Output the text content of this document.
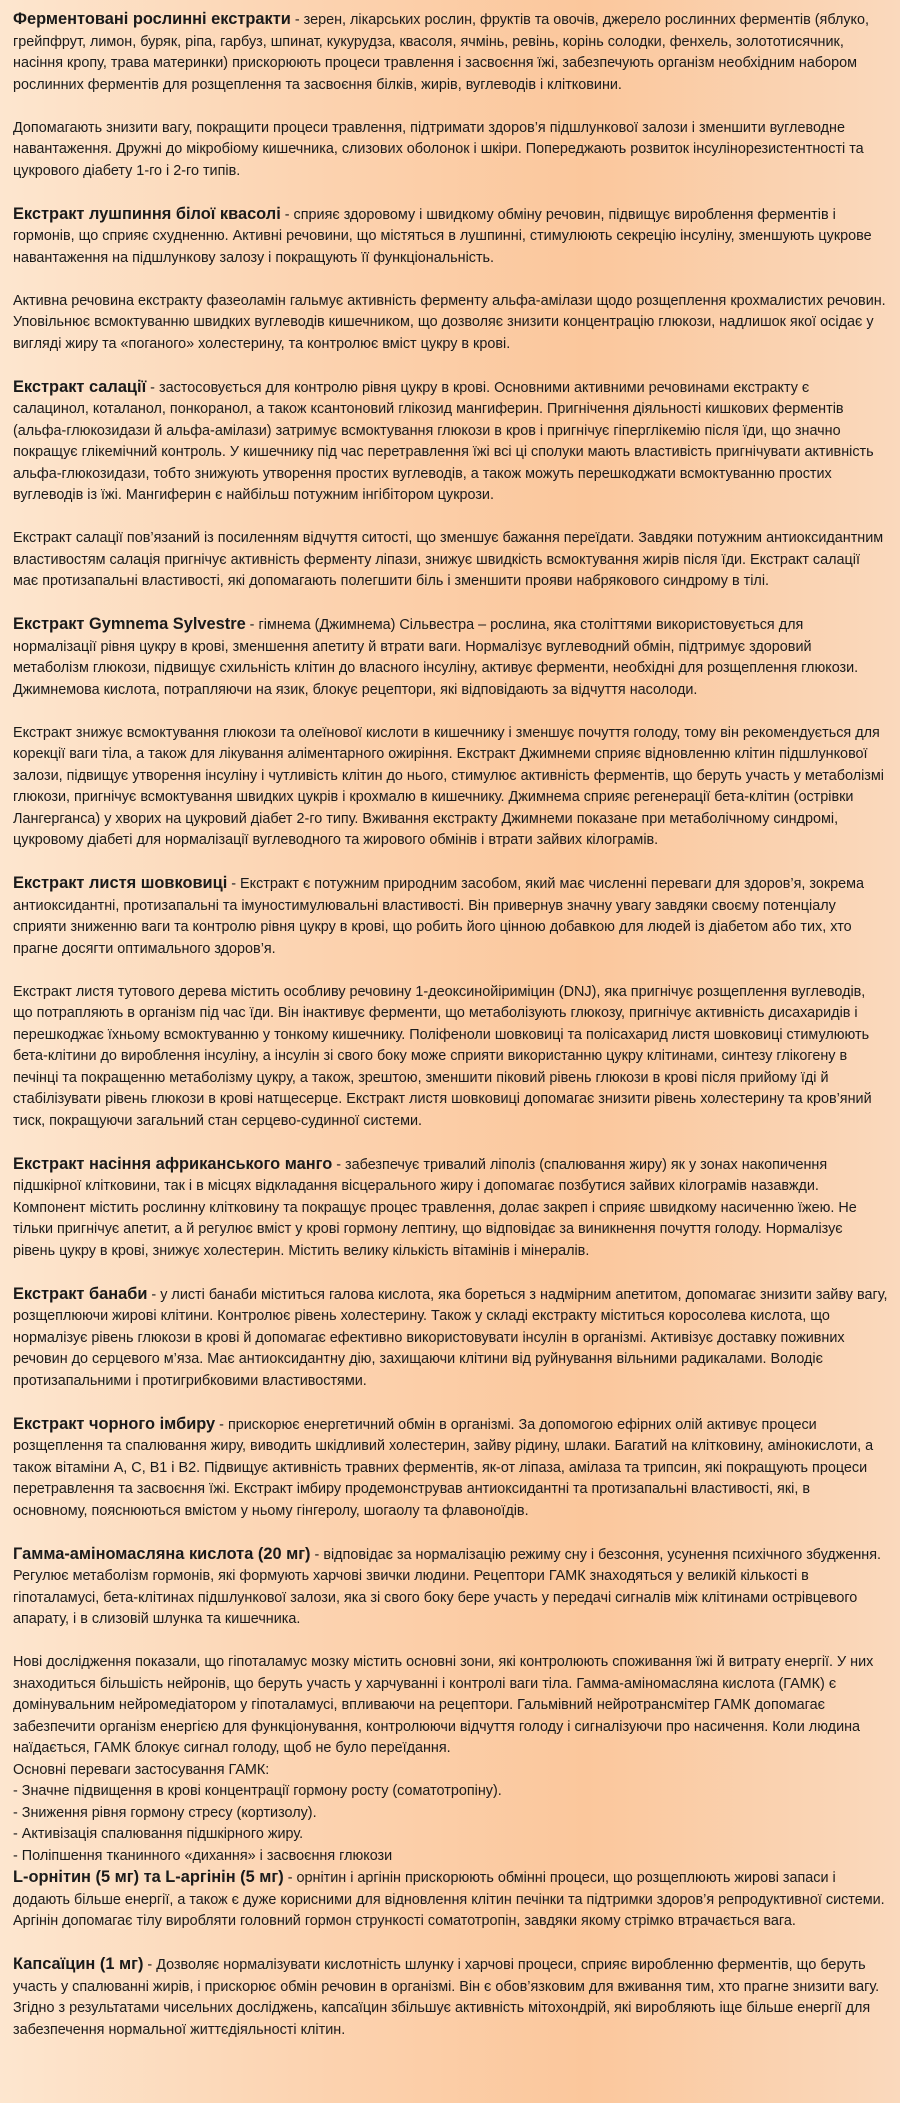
Ферментовані рослинні екстракти - зерен, лікарських рослин, фруктів та овочів, джерело рослинних ферментів (яблуко, грейпфрут, лимон, буряк, ріпа, гарбуз, шпинат, кукурудза, квасоля, ячмінь, ревінь, корінь солодки, фенхель, золототисячник, насіння кропу, трава материнки) прискорюють процеси травлення і засвоєння їжі, забезпечують організм необхідним набором рослинних ферментів для розщеплення та засвоєння білків, жирів, вуглеводів і клітковини.

Допомагають знизити вагу, покращити процеси травлення, підтримати здоров’я підшлункової залози і зменшити вуглеводне навантаження. Дружні до мікробіому кишечника, слизових оболонок і шкіри. Попереджають розвиток інсулінорезистентності та цукрового діабету 1-го і 2-го типів.

Екстракт лушпиння білої квасолі - сприяє здоровому і швидкому обміну речовин, підвищує вироблення ферментів і гормонів, що сприяє схудненню. Активні речовини, що містяться в лушпинні, стимулюють секрецію інсуліну, зменшують цукрове навантаження на підшлункову залозу і покращують її функціональність.

Активна речовина екстракту фазеоламін гальмує активність ферменту альфа-амілази щодо розщеплення крохмалистих речовин. Уповільнює всмоктуванню швидких вуглеводів кишечником, що дозволяє знизити концентрацію глюкози, надлишок якої осідає у вигляді жиру та «поганого» холестерину, та контролює вміст цукру в крові.

Екстракт салації - застосовується для контролю рівня цукру в крові. Основними активними речовинами екстракту є салацинол, коталанол, понкоранол, а також ксантоновий глікозид мангиферин. Пригнічення діяльності кишкових ферментів (альфа-глюкозидази й альфа-амілази) затримує всмоктування глюкози в кров і пригнічує гіперглікемію після їди, що значно покращує глікемічний контроль. У кишечнику під час перетравлення їжі всі ці сполуки мають властивість пригнічувати активність альфа-глюкозидази, тобто знижують утворення простих вуглеводів, а також можуть перешкоджати всмоктуванню простих вуглеводів із їжі. Мангиферин є найбільш потужним інгібітором цукрози.

Екстракт салації пов’язаний із посиленням відчуття ситості, що зменшує бажання переїдати. Завдяки потужним антиоксидантним властивостям салація пригнічує активність ферменту ліпази, знижує швидкість всмоктування жирів після їди. Екстракт салації має протизапальні властивості, які допомагають полегшити біль і зменшити прояви набрякового синдрому в тілі.

Екстракт Gymnema Sylvestre - гімнема (Джимнема) Сільвестра – рослина, яка століттями використовується для нормалізації рівня цукру в крові, зменшення апетиту й втрати ваги. Нормалізує вуглеводний обмін, підтримує здоровий метаболізм глюкози, підвищує схильність клітин до власного інсуліну, активує ферменти, необхідні для розщеплення глюкози. Джимнемова кислота, потрапляючи на язик, блокує рецептори, які відповідають за відчуття насолоди.

Екстракт знижує всмоктування глюкози та олеїнової кислоти в кишечнику і зменшує почуття голоду, тому він рекомендується для корекції ваги тіла, а також для лікування аліментарного ожиріння. Екстракт Джимнеми сприяє відновленню клітин підшлункової залози, підвищує утворення інсуліну і чутливість клітин до нього, стимулює активність ферментів, що беруть участь у метаболізмі глюкози, пригнічує всмоктування швидких цукрів і крохмалю в кишечнику. Джимнема сприяє регенерації бета-клітин (острівки Лангерганса) у хворих на цукровий діабет 2-го типу. Вживання екстракту Джимнеми показане при метаболічному синдромі, цукровому діабеті для нормалізації вуглеводного та жирового обмінів і втрати зайвих кілограмів.

Екстракт листя шовковиці - Екстракт є потужним природним засобом, який має численні переваги для здоров’я, зокрема антиоксидантні, протизапальні та імуностимулювальні властивості. Він привернув значну увагу завдяки своєму потенціалу сприяти зниженню ваги та контролю рівня цукру в крові, що робить його цінною добавкою для людей із діабетом або тих, хто прагне досягти оптимального здоров’я.

Екстракт листя тутового дерева містить особливу речовину 1-деоксинойіриміцин (DNJ), яка пригнічує розщеплення вуглеводів, що потрапляють в організм під час їди. Він інактивує ферменти, що метаболізують глюкозу, пригнічує активність дисахаридів і перешкоджає їхньому всмоктуванню у тонкому кишечнику. Поліфеноли шовковиці та полісахарид листя шовковиці стимулюють бета-клітини до вироблення інсуліну, а інсулін зі свого боку може сприяти використанню цукру клітинами, синтезу глікогену в печінці та покращенню метаболізму цукру, а також, зрештою, зменшити піковий рівень глюкози в крові після прийому їді й стабілізувати рівень глюкози в крові натщесерце. Екстракт листя шовковиці допомагає знизити рівень холестерину та кров’яний тиск, покращуючи загальний стан серцево-судинної системи.

Екстракт насіння африканського манго - забезпечує тривалий ліполіз (спалювання жиру) як у зонах накопичення підшкірної клітковини, так і в місцях відкладання вісцерального жиру і допомагає позбутися зайвих кілограмів назавжди. Компонент містить рослинну клітковину та покращує процес травлення, долає закреп і сприяє швидкому насиченню їжею. Не тільки пригнічує апетит, а й регулює вміст у крові гормону лептину, що відповідає за виникнення почуття голоду. Нормалізує рівень цукру в крові, знижує холестерин. Містить велику кількість вітамінів і мінералів.
Екстракт банаби - у листі банаби міститься галова кислота, яка бореться з надмірним апетитом, допомагає знизити зайву вагу, розщеплюючи жирові клітини. Контролює рівень холестерину. Також у складі екстракту міститься коросолева кислота, що нормалізує рівень глюкози в крові й допомагає ефективно використовувати інсулін в організмі. Активізує доставку поживних речовин до серцевого м’яза. Має антиоксидантну дію, захищаючи клітини від руйнування вільними радикалами. Володіє протизапальними і протигрибковими властивостями.
Екстракт чорного імбиру - прискорює енергетичний обмін в організмі. За допомогою ефірних олій активує процеси розщеплення та спалювання жиру, виводить шкідливий холестерин, зайву рідину, шлаки. Багатий на клітковину, амінокислоти, а також вітаміни А, С, В1 і В2. Підвищує активність травних ферментів, як-от ліпаза, амілаза та трипсин, які покращують процеси перетравлення та засвоєння їжі. Екстракт імбиру продемонстрував антиоксидантні та протизапальні властивості, які, в основному, пояснюються вмістом у ньому гінгеролу, шогаолу та флавоноїдів.
Гамма-аміномасляна кислота (20 мг) - відповідає за нормалізацію режиму сну і безсоння, усунення психічного збудження. Регулює метаболізм гормонів, які формують харчові звички людини. Рецептори ГАМК знаходяться у великій кількості в гіпоталамусі, бета-клітинах підшлункової залози, яка зі свого боку бере участь у передачі сигналів між клітинами острівцевого апарату, і в слизовій шлунка та кишечника.

Нові дослідження показали, що гіпоталамус мозку містить основні зони, які контролюють споживання їжі й витрату енергії. У них знаходиться більшість нейронів, що беруть участь у харчуванні і контролі ваги тіла. Гамма-аміномасляна кислота (ГАМК) є домінувальним нейромедіатором у гіпоталамусі, впливаючи на рецептори. Гальмівний нейротрансмітер ГАМК допомагає забезпечити організм енергією для функціонування, контролюючи відчуття голоду і сигналізуючи про насичення. Коли людина наїдається, ГАМК блокує сигнал голоду, щоб не було переїдання.

Основні переваги застосування ГАМК:

- Значне підвищення в крові концентрації гормону росту (соматотропіну).
- Зниження рівня гормону стресу (кортизолу).
- Активізація спалювання підшкірного жиру.
- Поліпшення тканинного «дихання» і засвоєння глюкози
L-орнітин (5 мг) та L-аргінін (5 мг) - орнітин і аргінін прискорюють обмінні процеси, що розщеплюють жирові запаси і додають більше енергії, а також є дуже корисними для відновлення клітин печінки та підтримки здоров’я репродуктивної системи. Аргінін допомагає тілу виробляти головний гормон стрункості соматотропін, завдяки якому стрімко втрачається вага.
Капсаїцин (1 мг) - Дозволяє нормалізувати кислотність шлунку і харчові процеси, сприяє виробленню ферментів, що беруть участь у спалюванні жирів, і прискорює обмін речовин в організмі. Він є обов’язковим для вживання тим, хто прагне знизити вагу. Згідно з результатами чисельних досліджень, капсаїцин збільшує активність мітохондрій, які виробляють іще більше енергії для забезпечення нормальної життєдіяльності клітин.
